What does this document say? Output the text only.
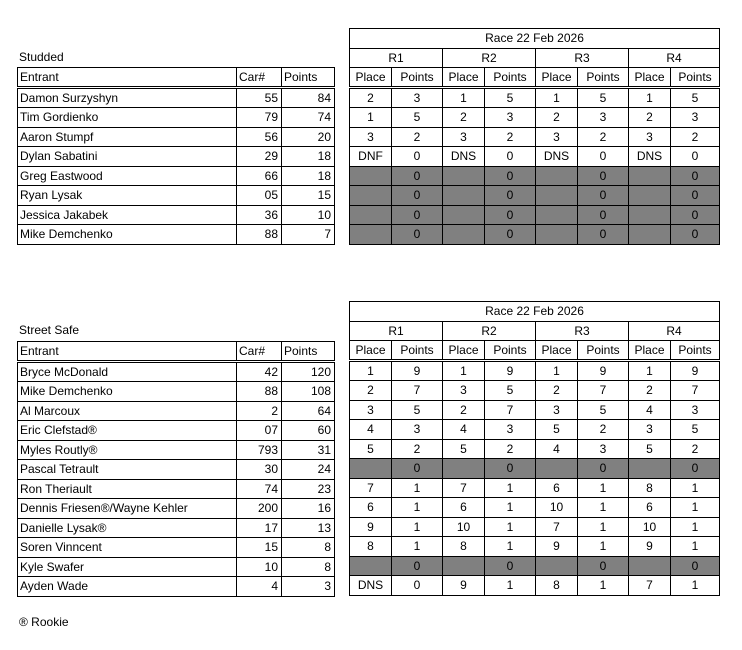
Studded
Entrant	Car#	Points
Damon Surzyshyn	55	84
Tim Gordienko	79	74
Aaron Stumpf	56	20
Dylan Sabatini	29	18
Greg Eastwood	66	18
Ryan Lysak	05	15
Jessica Jakabek	36	10
Mike Demchenko	88	7
Race 22 Feb 2026							
R1		R2		R3		R4	
Place	Points	Place	Points	Place	Points	Place	Points
2	3	1	5	1	5	1	5
1	5	2	3	2	3	2	3
3	2	3	2	3	2	3	2
DNF	0	DNS	0	DNS	0	DNS	0
	0		0		0		0
	0		0		0		0
	0		0		0		0
	0		0		0		0
Street Safe
Entrant	Car#	Points
Bryce McDonald	42	120
Mike Demchenko	88	108
Al Marcoux	2	64
Eric Clefstad®	07	60
Myles Routly®	793	31
Pascal Tetrault	30	24
Ron Theriault	74	23
Dennis Friesen®/Wayne Kehler	200	16
Danielle Lysak®	17	13
Soren Vinncent	15	8
Kyle Swafer	10	8
Ayden Wade	4	3
Race 22 Feb 2026							
R1		R2		R3		R4	
Place	Points	Place	Points	Place	Points	Place	Points
1	9	1	9	1	9	1	9
2	7	3	5	2	7	2	7
3	5	2	7	3	5	4	3
4	3	4	3	5	2	3	5
5	2	5	2	4	3	5	2
	0		0		0		0
7	1	7	1	6	1	8	1
6	1	6	1	10	1	6	1
9	1	10	1	7	1	10	1
8	1	8	1	9	1	9	1
	0		0		0		0
DNS	0	9	1	8	1	7	1
® Rookie
